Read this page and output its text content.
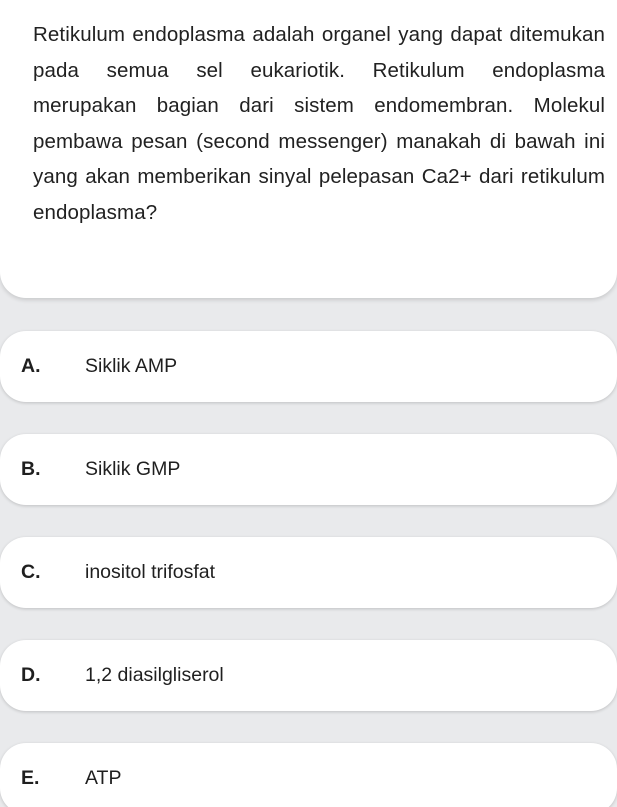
Retikulum endoplasma adalah organel yang dapat ditemukan pada semua sel eukariotik. Retikulum endoplasma merupakan bagian dari sistem endomembran. Molekul pembawa pesan (second messenger) manakah di bawah ini yang akan memberikan sinyal pelepasan Ca2+ dari retikulum endoplasma?

A. Siklik AMP
B. Siklik GMP
C. inositol trifosfat
D. 1,2 diasilgliserol
E. ATP
